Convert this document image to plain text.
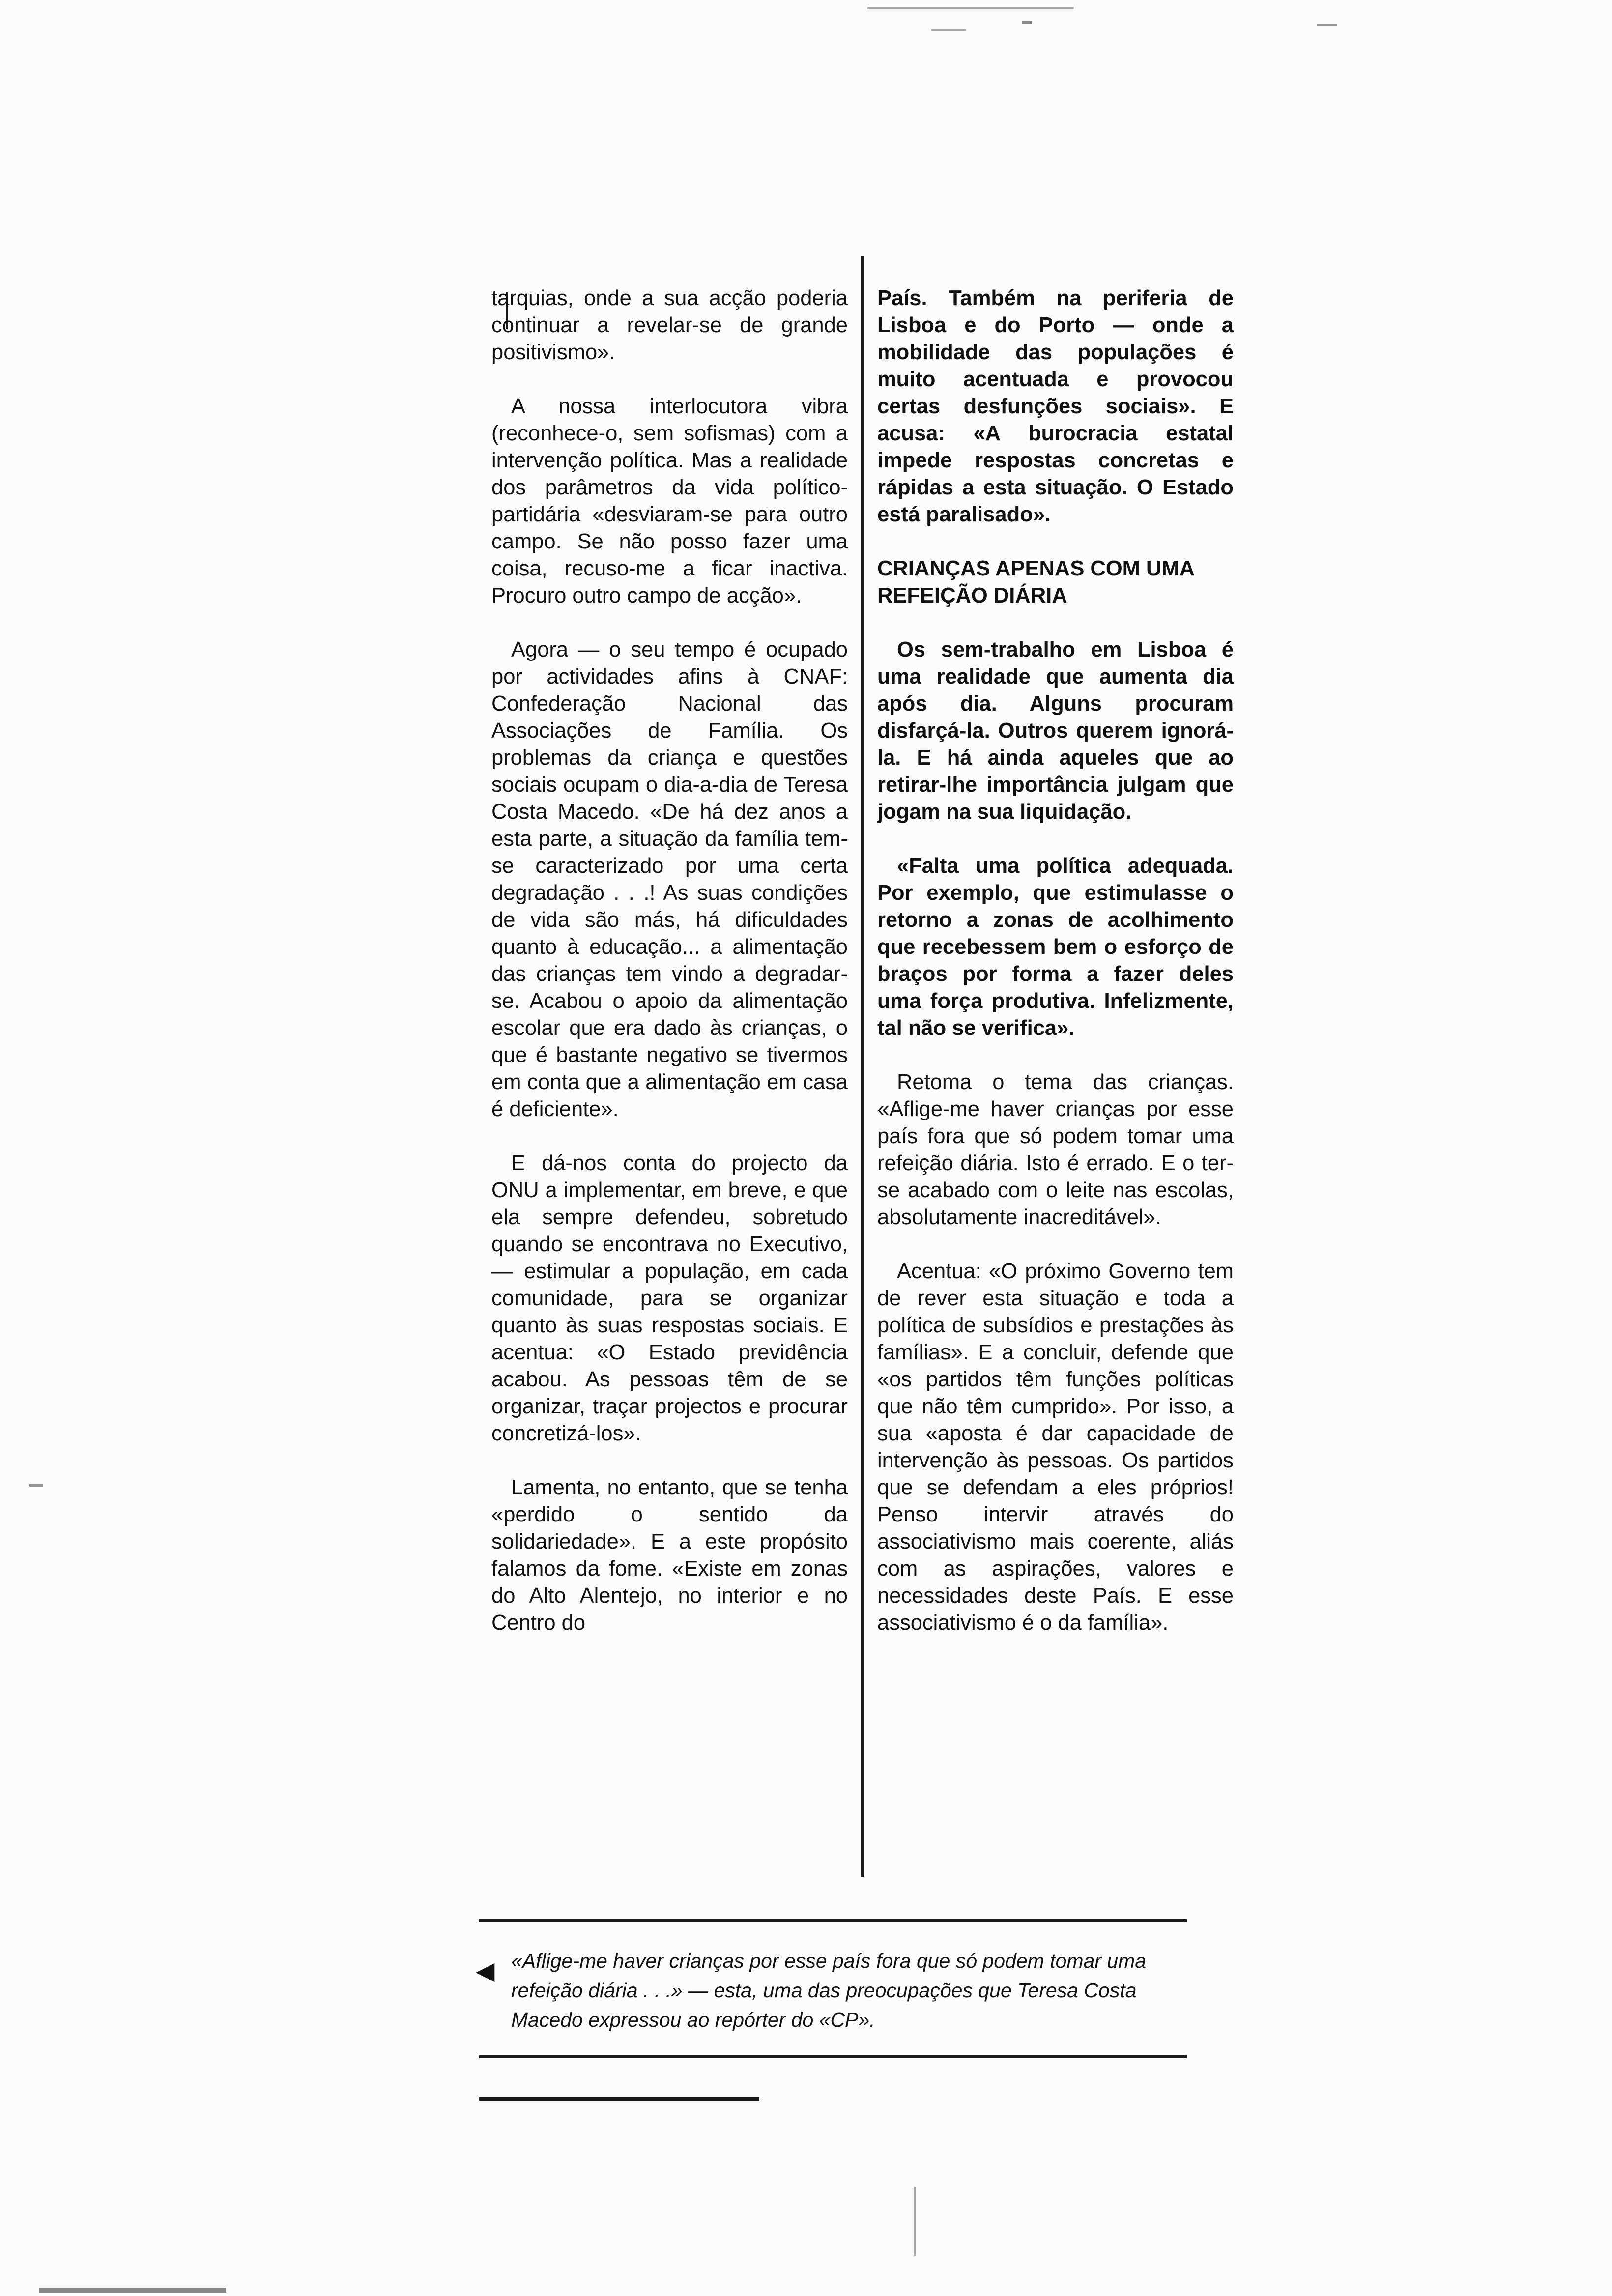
tarquias, onde a sua acção poderia continuar a revelar-se de grande positivismo».

A nossa interlocutora vibra (reconhece-o, sem sofismas) com a intervenção política. Mas a realidade dos parâmetros da vida político-partidária «desviaram-se para outro campo. Se não posso fazer uma coisa, recuso-me a ficar inactiva. Procuro outro campo de acção».

Agora — o seu tempo é ocupado por actividades afins à CNAF: Confederação Nacional das Associações de Família. Os problemas da criança e questões sociais ocupam o dia-a-dia de Teresa Costa Macedo. «De há dez anos a esta parte, a situação da família tem-se caracterizado por uma certa degradação . . .! As suas condições de vida são más, há dificuldades quanto à educação... a alimentação das crianças tem vindo a degradar-se. Acabou o apoio da alimentação escolar que era dado às crianças, o que é bastante negativo se tivermos em conta que a alimentação em casa é deficiente».

E dá-nos conta do projecto da ONU a implementar, em breve, e que ela sempre defendeu, sobretudo quando se encontrava no Executivo, — estimular a população, em cada comunidade, para se organizar quanto às suas respostas sociais. E acentua: «O Estado previdência acabou. As pessoas têm de se organizar, traçar projectos e procurar concretizá-los».

Lamenta, no entanto, que se tenha «perdido o sentido da solidariedade». E a este propósito falamos da fome. «Existe em zonas do Alto Alentejo, no interior e no Centro do

País. Também na periferia de Lisboa e do Porto — onde a mobilidade das populações é muito acentuada e provocou certas desfunções sociais». E acusa: «A burocracia estatal impede respostas concretas e rápidas a esta situação. O Estado está paralisado».

CRIANÇAS APENAS COM UMA REFEIÇÃO DIÁRIA

Os sem-trabalho em Lisboa é uma realidade que aumenta dia após dia. Alguns procuram disfarçá-la. Outros querem ignorá-la. E há ainda aqueles que ao retirar-lhe importância julgam que jogam na sua liquidação.

«Falta uma política adequada. Por exemplo, que estimulasse o retorno a zonas de acolhimento que recebessem bem o esforço de braços por forma a fazer deles uma força produtiva. Infelizmente, tal não se verifica».

Retoma o tema das crianças. «Aflige-me haver crianças por esse país fora que só podem tomar uma refeição diária. Isto é errado. E o ter-se acabado com o leite nas escolas, absolutamente inacreditável».

Acentua: «O próximo Governo tem de rever esta situação e toda a política de subsídios e prestações às famílias». E a concluir, defende que «os partidos têm funções políticas que não têm cumprido». Por isso, a sua «aposta é dar capacidade de intervenção às pessoas. Os partidos que se defendam a eles próprios! Penso intervir através do associativismo mais coerente, aliás com as aspirações, valores e necessidades deste País. E esse associativismo é o da família».

◀ «Aflige-me haver crianças por esse país fora que só podem tomar uma refeição diária . . .» — esta, uma das preocupações que Teresa Costa Macedo expressou ao repórter do «CP».
